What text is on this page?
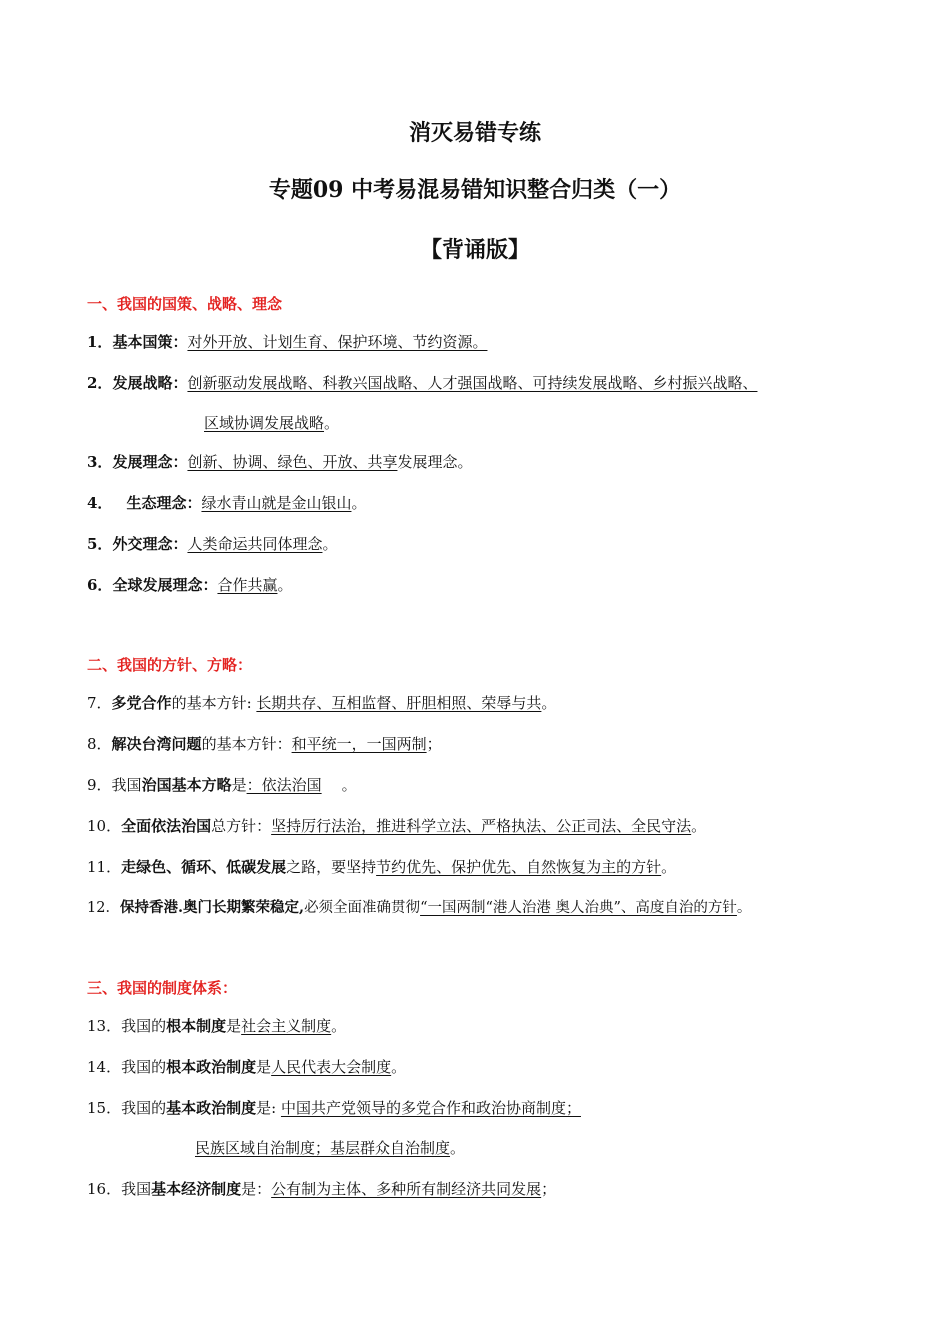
消灭易错专练
专题09 中考易混易错知识整合归类（一）
【背诵版】
一、我国的国策、战略、理念
1．基本国策：对外开放、计划生育、保护环境、节约资源。
2．发展战略：创新驱动发展战略、科教兴国战略、人才强国战略、可持续发展战略、乡村振兴战略、
区域协调发展战略。
3．发展理念：创新、协调、绿色、开放、共享发展理念。
4． 生态理念：绿水青山就是金山银山。
5．外交理念：人类命运共同体理念。
6．全球发展理念：合作共赢。
二、我国的方针、方略：
7．多党合作的基本方针: 长期共存、互相监督、肝胆相照、荣辱与共。
8．解决台湾问题的基本方针：和平统一，一国两制；
9．我国治国基本方略是：依法治国 。
10．全面依法治国总方针：坚持厉行法治，推进科学立法、严格执法、公正司法、全民守法。
11．走绿色、循环、低碳发展之路，要坚持节约优先、保护优先、自然恢复为主的方针。
12．保持香港.奥门长期繁荣稳定,必须全面准确贯彻“一国两制“港人治港 奥人治典”、高度自治的方针。
三、我国的制度体系：
13．我国的根本制度是社会主义制度。
14．我国的根本政治制度是人民代表大会制度。
15．我国的基本政治制度是: 中国共产党领导的多党合作和政治协商制度；
民族区域自治制度；基层群众自治制度。
16．我国基本经济制度是：公有制为主体、多种所有制经济共同发展；
